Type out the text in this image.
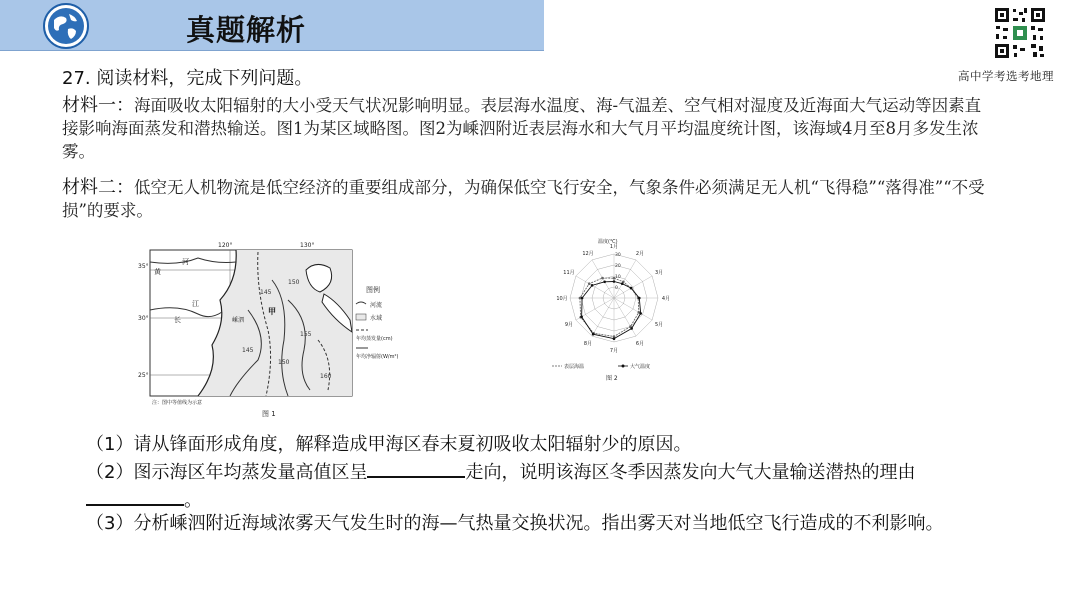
真题解析
高中学考选考地理
27. 阅读材料，完成下列问题。
材料一：海面吸收太阳辐射的大小受天气状况影响明显。表层海水温度、海-气温差、空气相对湿度及近海面大气运动等因素直接影响海面蒸发和潜热输送。图1为某区域略图。图2为嵊泗附近表层海水和大气月平均温度统计图，该海域4月至8月多发生浓雾。
材料二：低空无人机物流是低空经济的重要组成部分，为确保低空飞行安全，气象条件必须满足无人机“飞得稳”“落得准”“不受损”的要求。
120°	130°
35°
30°
25°
黄
河
江
长	嵊泗
甲
145
150
155
150
145
160
图例
河流
水域
年均蒸发量(cm)
年均净辐射(W/m²)
注：图中等值线为示意
图 1
1月
2月
3月
4月
5月
6月
7月
8月
9月
10月
11月
12月	30
20
10
0
温度(℃)
表层海温	大气温度
图 2
（1）请从锋面形成角度，解释造成甲海区春末夏初吸收太阳辐射少的原因。
（2）图示海区年均蒸发量高值区呈	走向，说明该海区冬季因蒸发向大气大量输送潜热的理由。
（3）分析嵊泗附近海域浓雾天气发生时的海—气热量交换状况。指出雾天对当地低空飞行造成的不利影响。
